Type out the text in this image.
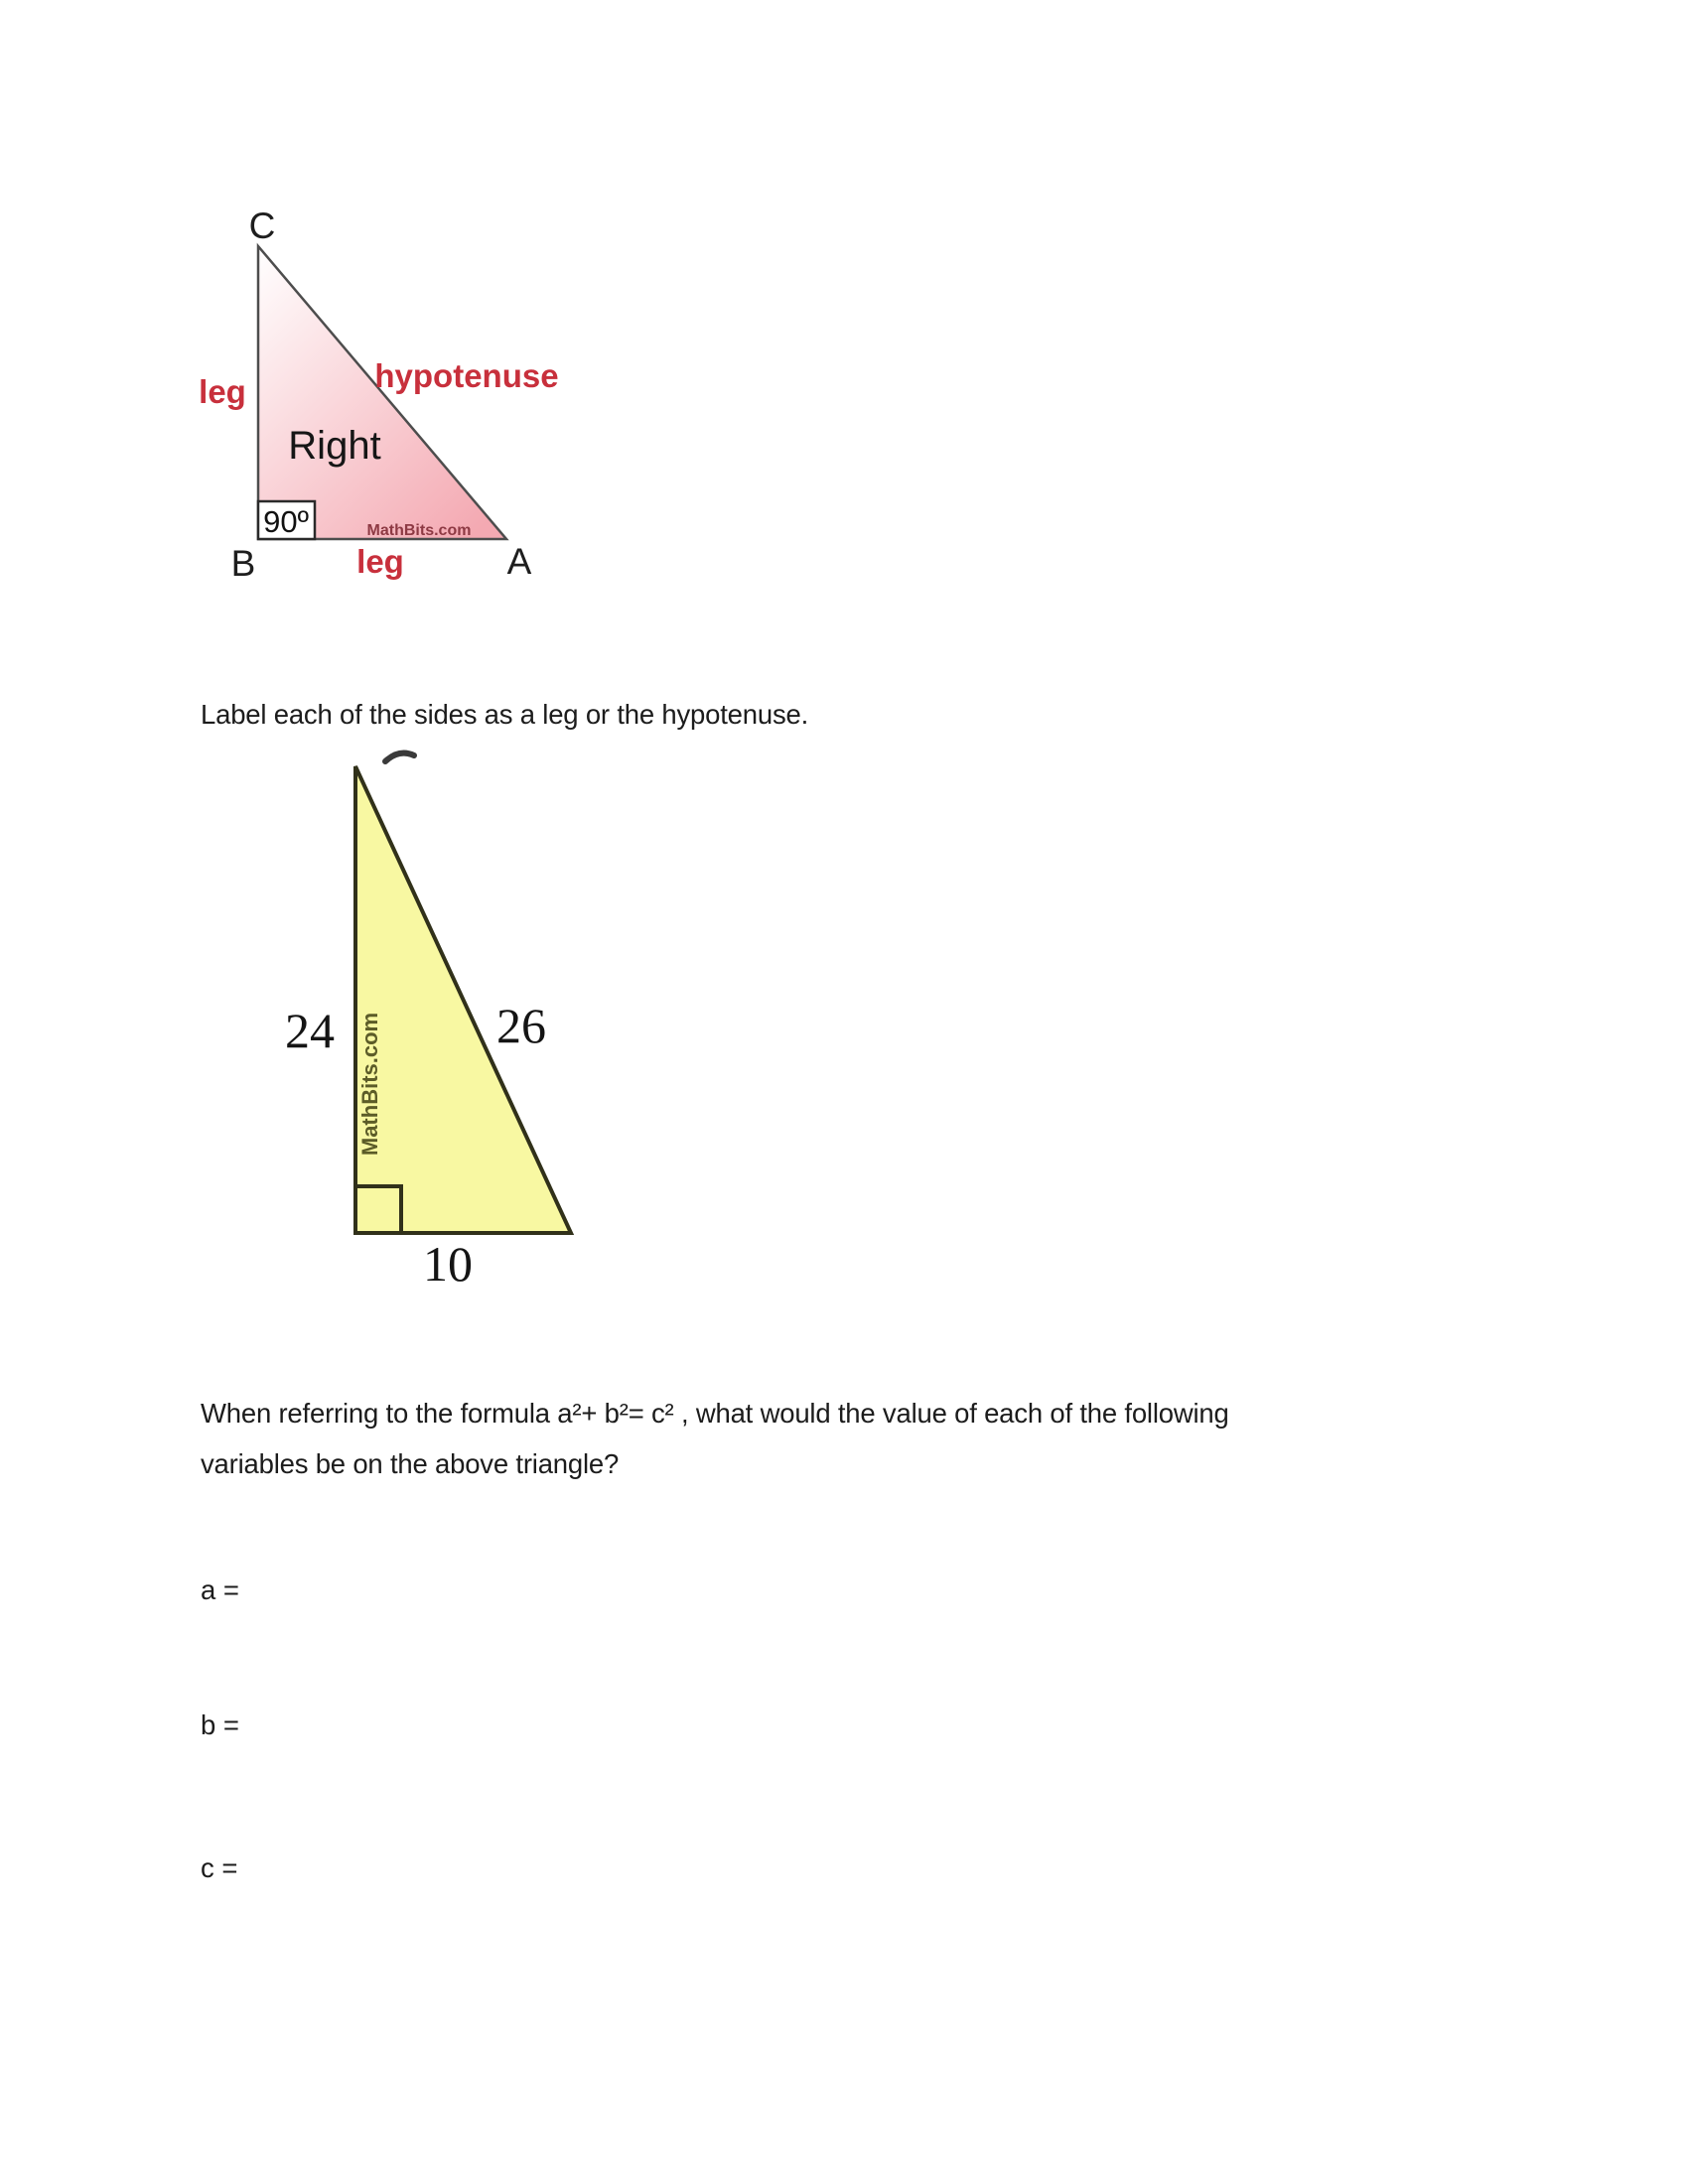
90º
C
B	A
leg	hypotenuse
leg
Right
MathBits.com
Label each of the sides as a leg or the hypotenuse.
24	26
10
MathBits.com
When referring to the formula a²+ b²= c² , what would the value of each of the following
variables be on the above triangle?
a =
b =
c =
